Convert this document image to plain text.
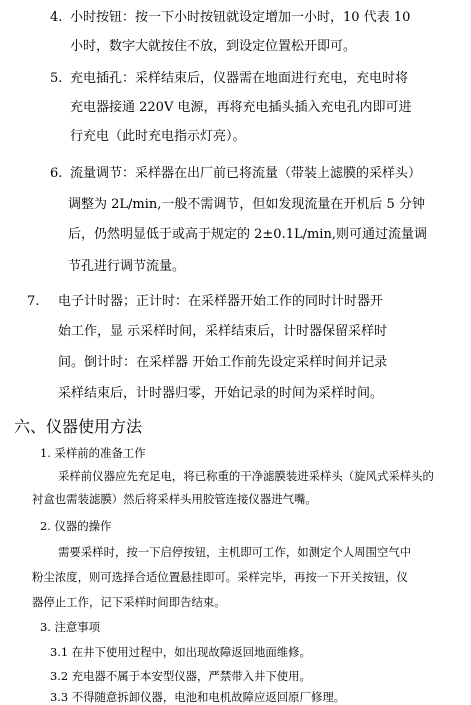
4. 小时按钮：按一下小时按钮就设定增加一小时，10 代表 10
小时，数字大就按住不放，到设定位置松开即可。
5. 充电插孔：采样结束后，仪器需在地面进行充电，充电时将
充电器接通 220V 电源，再将充电插头插入充电孔内即可进
行充电（此时充电指示灯亮）。
6. 流量调节：采样器在出厂前已将流量（带装上滤膜的采样头）
调整为 2L/min,一般不需调节，但如发现流量在开机后 5 分钟
后，仍然明显低于或高于规定的 2±0.1L/min,则可通过流量调
节孔进行调节流量。
7. 电子计时器；正计时：在采样器开始工作的同时计时器开
始工作，显 示采样时间，采样结束后，计时器保留采样时
间。倒计时：在采样器 开始工作前先设定采样时间并记录
采样结束后，计时器归零，开始记录的时间为采样时间。
六、仪器使用方法
1. 采样前的准备工作
采样前仪器应先充足电，将已称重的干净滤膜装进采样头（旋风式采样头的
衬盒也需装滤膜）然后将采样头用胶管连接仪器进气嘴。
2. 仪器的操作
需要采样时，按一下启停按钮，主机即可工作，如测定个人周围空气中
粉尘浓度，则可选择合适位置悬挂即可。采样完毕，再按一下开关按钮，仪
器停止工作，记下采样时间即告结束。
3. 注意事项
3.1 在井下使用过程中，如出现故障返回地面维修。
3.2 充电器不属于本安型仪器，严禁带入井下使用。
3.3 不得随意拆卸仪器，电池和电机故障应返回原厂修理。
